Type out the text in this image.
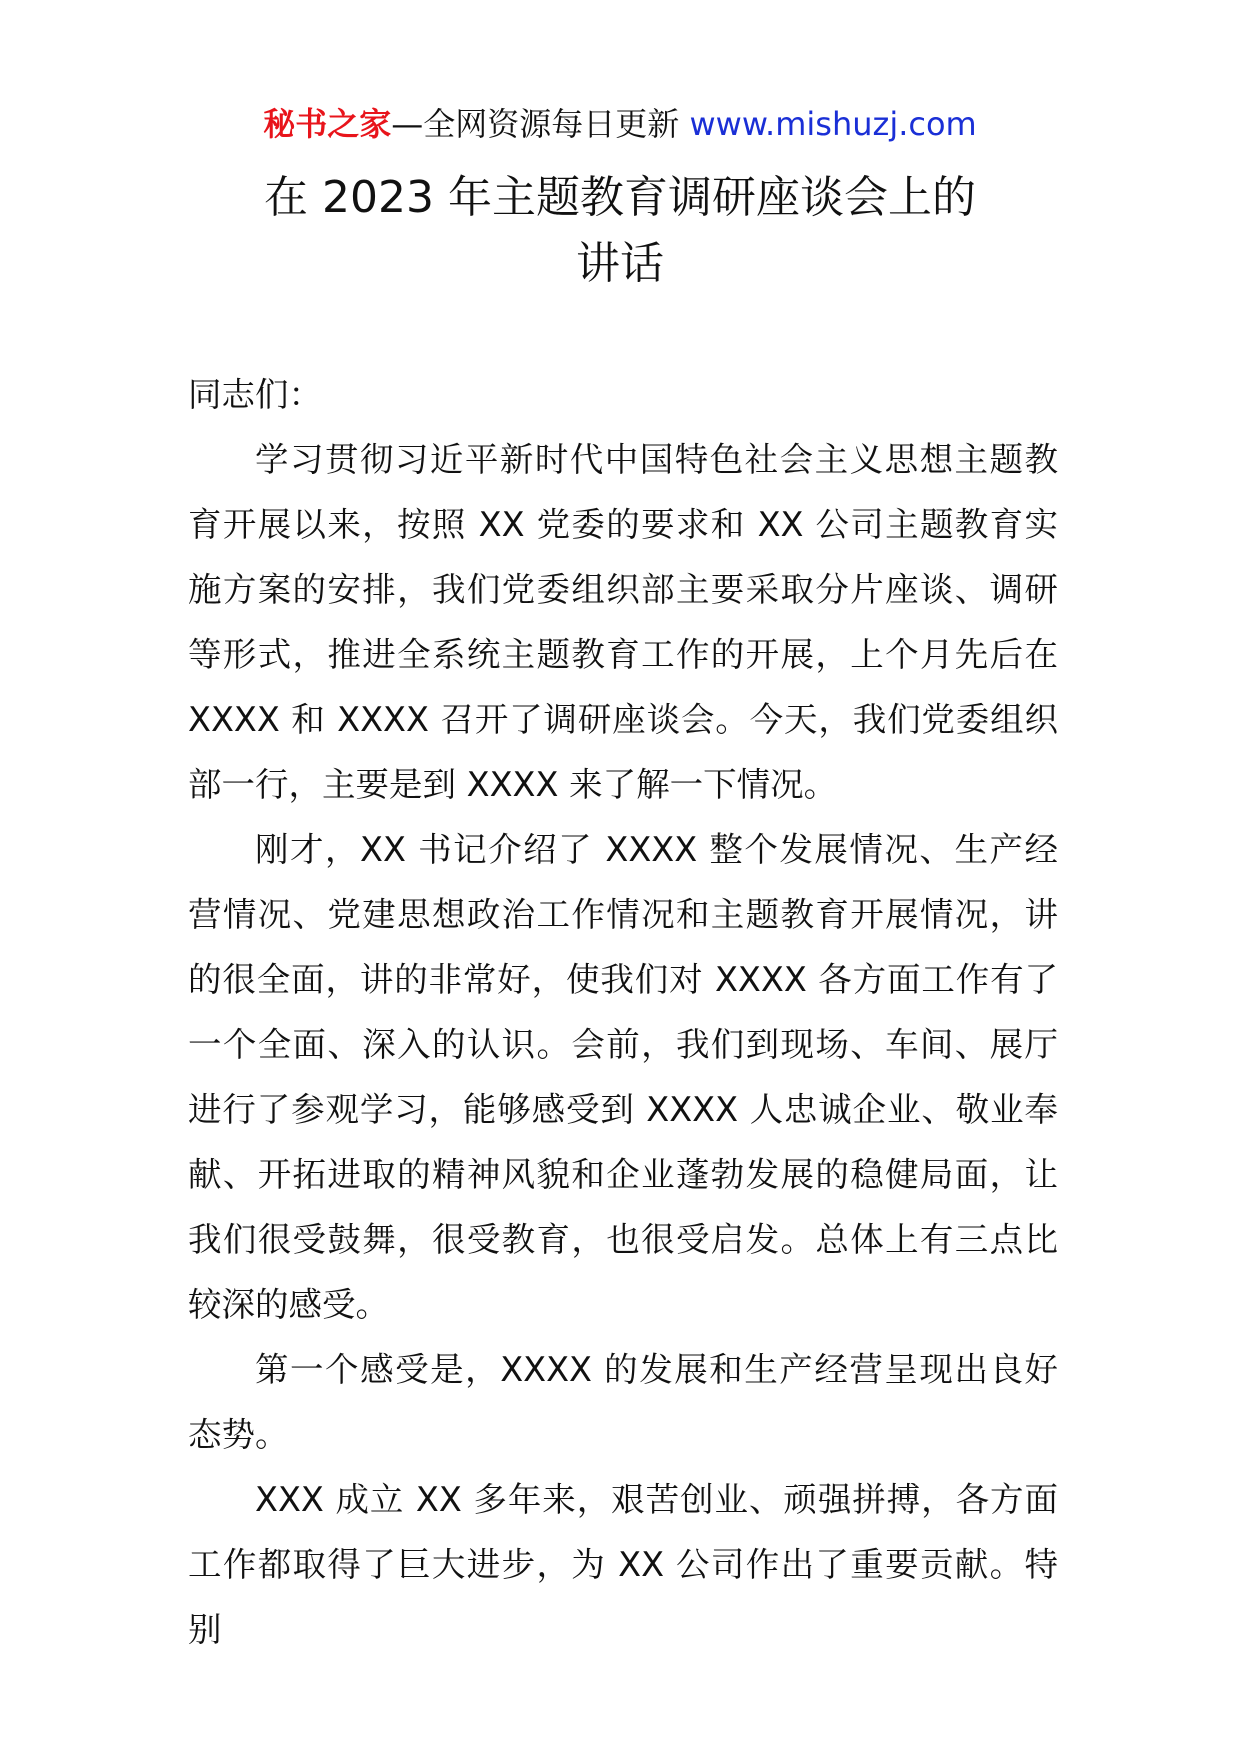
秘书之家—全网资源每日更新 www.mishuzj.com
在 2023 年主题教育调研座谈会上的
讲话

同志们：

学习贯彻习近平新时代中国特色社会主义思想主题教育开展以来，按照 XX 党委的要求和 XX 公司主题教育实施方案的安排，我们党委组织部主要采取分片座谈、调研等形式，推进全系统主题教育工作的开展，上个月先后在 XXXX 和 XXXX 召开了调研座谈会。今天，我们党委组织部一行，主要是到 XXXX 来了解一下情况。

刚才，XX 书记介绍了 XXXX 整个发展情况、生产经营情况、党建思想政治工作情况和主题教育开展情况，讲的很全面，讲的非常好，使我们对 XXXX 各方面工作有了一个全面、深入的认识。会前，我们到现场、车间、展厅进行了参观学习，能够感受到 XXXX 人忠诚企业、敬业奉献、开拓进取的精神风貌和企业蓬勃发展的稳健局面，让我们很受鼓舞，很受教育，也很受启发。总体上有三点比较深的感受。

第一个感受是，XXXX 的发展和生产经营呈现出良好态势。

XXX 成立 XX 多年来，艰苦创业、顽强拼搏，各方面工作都取得了巨大进步，为 XX 公司作出了重要贡献。特别
